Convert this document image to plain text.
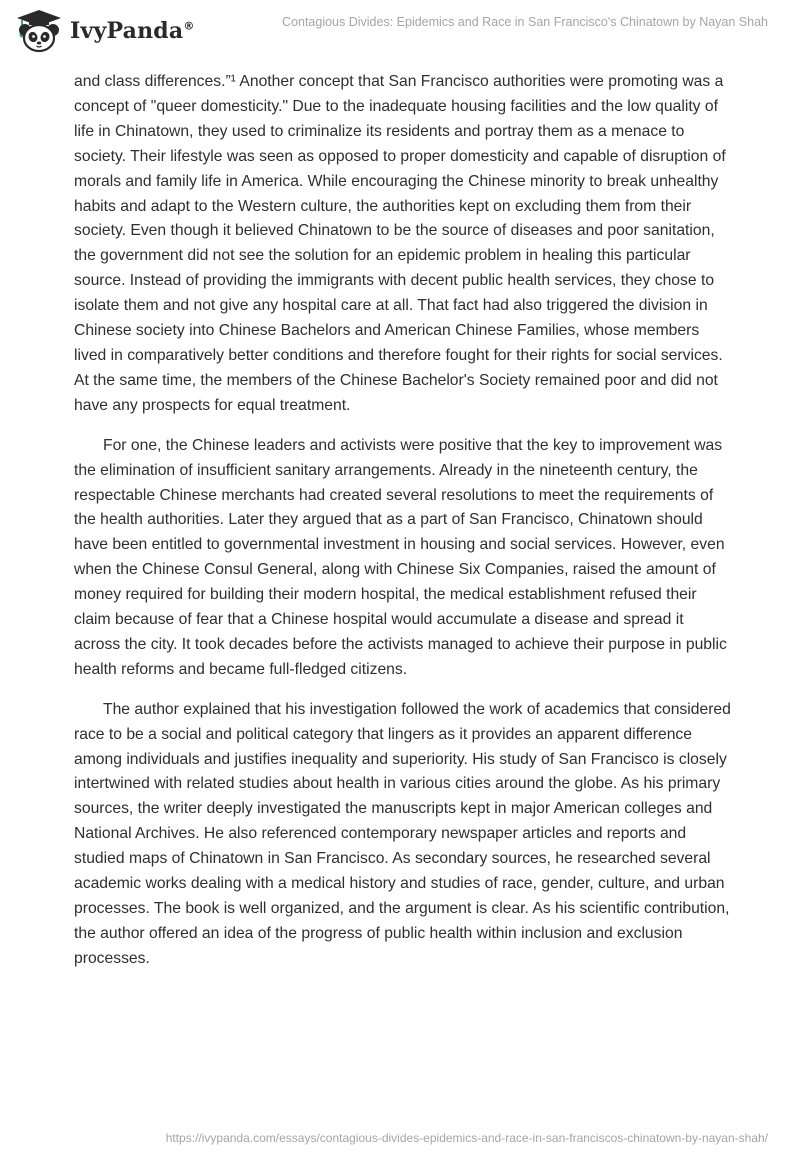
IvyPanda®	Contagious Divides: Epidemics and Race in San Francisco's Chinatown by Nayan Shah

and class differences.”¹ Another concept that San Francisco authorities were promoting was a concept of "queer domesticity." Due to the inadequate housing facilities and the low quality of life in Chinatown, they used to criminalize its residents and portray them as a menace to society. Their lifestyle was seen as opposed to proper domesticity and capable of disruption of morals and family life in America. While encouraging the Chinese minority to break unhealthy habits and adapt to the Western culture, the authorities kept on excluding them from their society. Even though it believed Chinatown to be the source of diseases and poor sanitation, the government did not see the solution for an epidemic problem in healing this particular source. Instead of providing the immigrants with decent public health services, they chose to isolate them and not give any hospital care at all. That fact had also triggered the division in Chinese society into Chinese Bachelors and American Chinese Families, whose members lived in comparatively better conditions and therefore fought for their rights for social services. At the same time, the members of the Chinese Bachelor's Society remained poor and did not have any prospects for equal treatment.

For one, the Chinese leaders and activists were positive that the key to improvement was the elimination of insufficient sanitary arrangements. Already in the nineteenth century, the respectable Chinese merchants had created several resolutions to meet the requirements of the health authorities. Later they argued that as a part of San Francisco, Chinatown should have been entitled to governmental investment in housing and social services. However, even when the Chinese Consul General, along with Chinese Six Companies, raised the amount of money required for building their modern hospital, the medical establishment refused their claim because of fear that a Chinese hospital would accumulate a disease and spread it across the city. It took decades before the activists managed to achieve their purpose in public health reforms and became full-fledged citizens.

The author explained that his investigation followed the work of academics that considered race to be a social and political category that lingers as it provides an apparent difference among individuals and justifies inequality and superiority. His study of San Francisco is closely intertwined with related studies about health in various cities around the globe. As his primary sources, the writer deeply investigated the manuscripts kept in major American colleges and National Archives. He also referenced contemporary newspaper articles and reports and studied maps of Chinatown in San Francisco. As secondary sources, he researched several academic works dealing with a medical history and studies of race, gender, culture, and urban processes. The book is well organized, and the argument is clear. As his scientific contribution, the author offered an idea of the progress of public health within inclusion and exclusion processes.

https://ivypanda.com/essays/contagious-divides-epidemics-and-race-in-san-franciscos-chinatown-by-nayan-shah/
